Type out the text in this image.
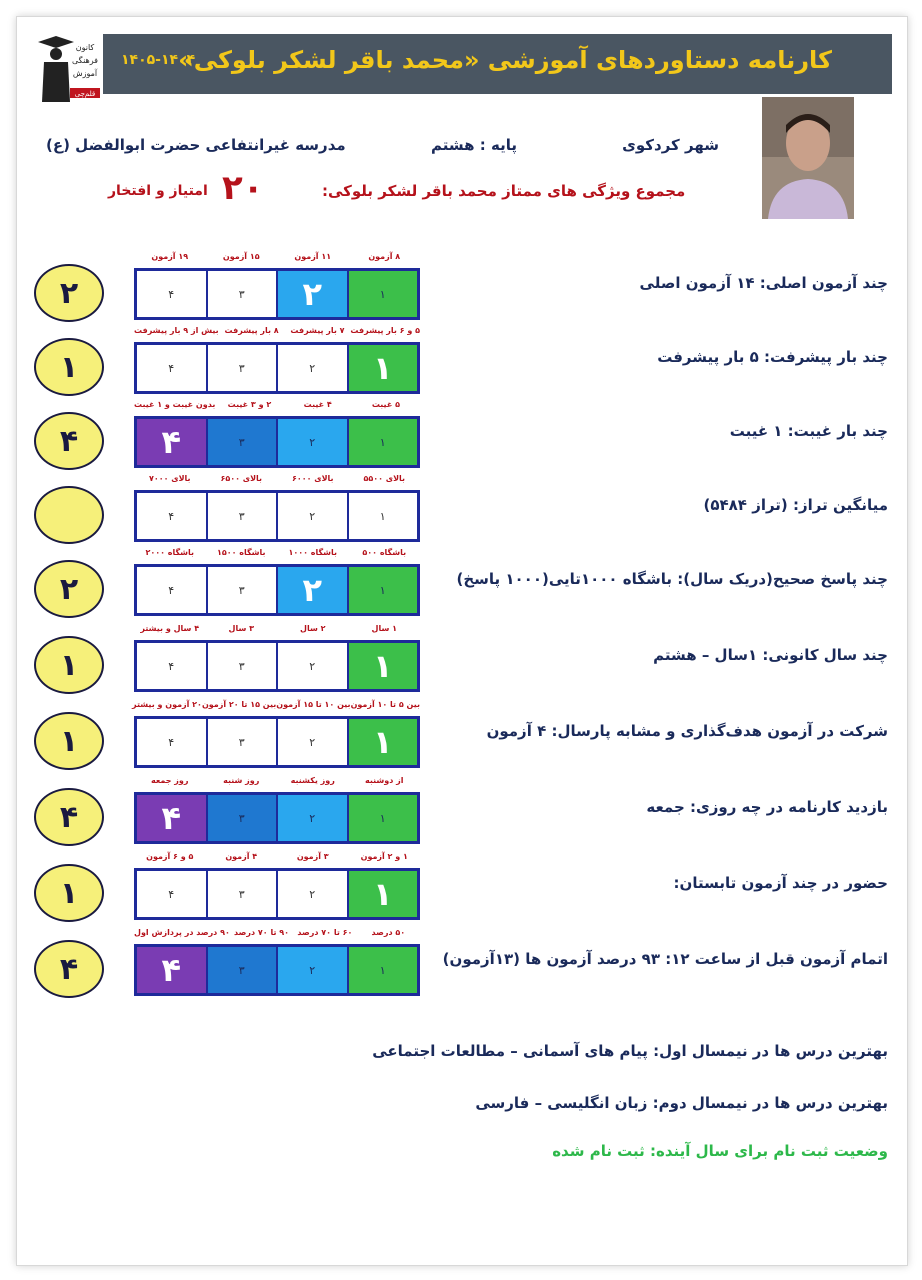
کانون
فرهنگی
آموزش
قلم‌چی
کارنامه دستاوردهای آموزشی «محمد باقر لشکر بلوکی»
۱۴۰۵-۱۴۰۴
شهر کردکوی
پایه : هشتم
مدرسه غیرانتفاعی حضرت ابوالفضل (ع)
مجموع ویژگی های ممتاز محمد باقر لشکر بلوکی:
۲۰
امتیاز و افتخار
چند آزمون اصلی: ۱۴ آزمون اصلی
۸ آزمون
۱۱ آزمون
۱۵ آزمون
۱۹ آزمون
۱
۲
۳
۴
۲
چند بار پیشرفت: ۵ بار پیشرفت
۵ و ۶ بار پیشرفت
۷ بار پیشرفت
۸ بار پیشرفت
بیش از ۹ بار پیشرفت
۱
۲
۳
۴
۱
چند بار غیبت: ۱ غیبت
۵ غیبت
۴ غیبت
۲ و ۳ غیبت
بدون غیبت و ۱ غیبت
۱
۲
۳
۴
۴
میانگین تراز: (تراز ۵۴۸۴)
بالای ۵۵۰۰
بالای ۶۰۰۰
بالای ۶۵۰۰
بالای ۷۰۰۰
۱
۲
۳
۴
چند پاسخ صحیح(دریک سال): باشگاه ۱۰۰۰تایی(۱۰۰۰ پاسخ)
باشگاه ۵۰۰
باشگاه ۱۰۰۰
باشگاه ۱۵۰۰
باشگاه ۲۰۰۰
۱
۲
۳
۴
۲
چند سال کانونی: ۱سال – هشتم
۱ سال
۲ سال
۳ سال
۴ سال و بیشتر
۱
۲
۳
۴
۱
شرکت در آزمون هدف‌گذاری و مشابه پارسال: ۴ آزمون
بین ۵ تا ۱۰ آزمون
بین ۱۰ تا ۱۵ آزمون
بین ۱۵ تا ۲۰ آزمون
۲۰ آزمون و بیشتر
۱
۲
۳
۴
۱
بازدید کارنامه در چه روزی: جمعه
از دوشنبه
روز یکشنبه
روز شنبه
روز جمعه
۱
۲
۳
۴
۴
حضور در چند آزمون تابستان:
۱ و ۲ آزمون
۳ آزمون
۴ آزمون
۵ و ۶ آزمون
۱
۲
۳
۴
۱
اتمام آزمون قبل از ساعت ۱۲: ۹۳ درصد آزمون ها (۱۳آزمون)
۵۰ درصد
۶۰ تا ۷۰ درصد
۹۰ تا ۷۰ درصد
۹۰ درصد در پردازش اول
۱
۲
۳
۴
۴
بهترین درس ها در نیمسال اول: پیام های آسمانی – مطالعات اجتماعی
بهترین درس ها در نیمسال دوم: زبان انگلیسی – فارسی
وضعیت ثبت نام برای سال آینده: ثبت نام شده
